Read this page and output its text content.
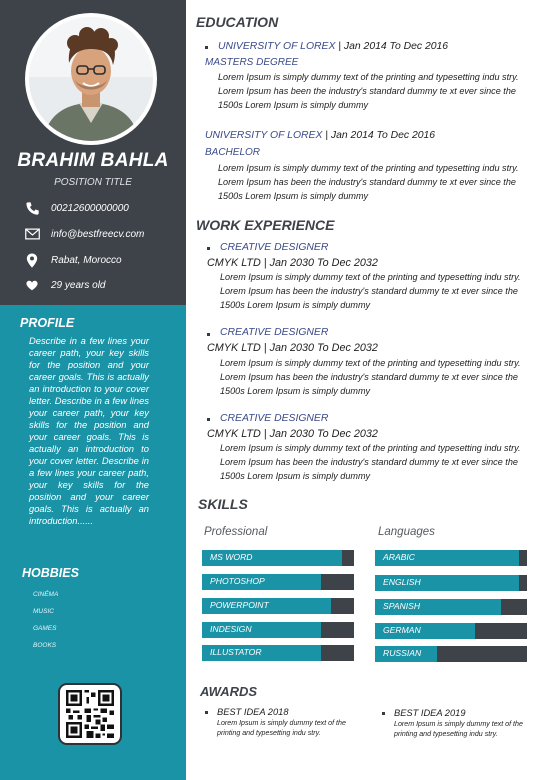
BRAHIM BAHLA
POSITION TITLE
00212600000000
info@bestfreecv.com
Rabat, Morocco
29 years old
PROFILE
Describe in a few lines your career path, your key skills for the position and your career goals. This is actually an introduction to your cover letter. Describe in a few lines your career path, your key skills for the position and your career goals. This is actually an introduction to your cover letter. Describe in a few lines your career path, your key skills for the position and your career goals. This is actually an introduction......
HOBBIES
CINÉMA
MUSIC
GAMES
BOOKS
EDUCATION
UNIVERSITY OF LOREX | Jan 2014 To Dec 2016
MASTERS DEGREE
Lorem Ipsum is simply dummy text of the printing and typesetting indu stry. Lorem Ipsum has been the industry's standard dummy te xt ever since the 1500s Lorem Ipsum is simply dummy
UNIVERSITY OF LOREX | Jan 2014 To Dec 2016
BACHELOR
Lorem Ipsum is simply dummy text of the printing and typesetting indu stry. Lorem Ipsum has been the industry's standard dummy te xt ever since the 1500s Lorem Ipsum is simply dummy
WORK EXPERIENCE
CREATIVE DESIGNER
CMYK LTD | Jan 2030 To Dec 2032
Lorem Ipsum is simply dummy text of the printing and typesetting indu stry. Lorem Ipsum has been the industry's standard dummy te xt ever since the 1500s Lorem Ipsum is simply dummy
CREATIVE DESIGNER
CMYK LTD | Jan 2030 To Dec 2032
Lorem Ipsum is simply dummy text of the printing and typesetting indu stry. Lorem Ipsum has been the industry's standard dummy te xt ever since the 1500s Lorem Ipsum is simply dummy
CREATIVE DESIGNER
CMYK LTD | Jan 2030 To Dec 2032
Lorem Ipsum is simply dummy text of the printing and typesetting indu stry. Lorem Ipsum has been the industry's standard dummy te xt ever since the 1500s Lorem Ipsum is simply dummy
SKILLS
Professional	Languages
MS WORD
PHOTOSHOP
POWERPOINT
INDESIGN
ILLUSTATOR
ARABIC
ENGLISH
SPANISH
GERMAN
RUSSIAN
AWARDS
BEST IDEA 2018
Lorem Ipsum is simply dummy text of the printing and typesetting indu stry.
BEST IDEA 2019
Lorem Ipsum is simply dummy text of the printing and typesetting indu stry.
